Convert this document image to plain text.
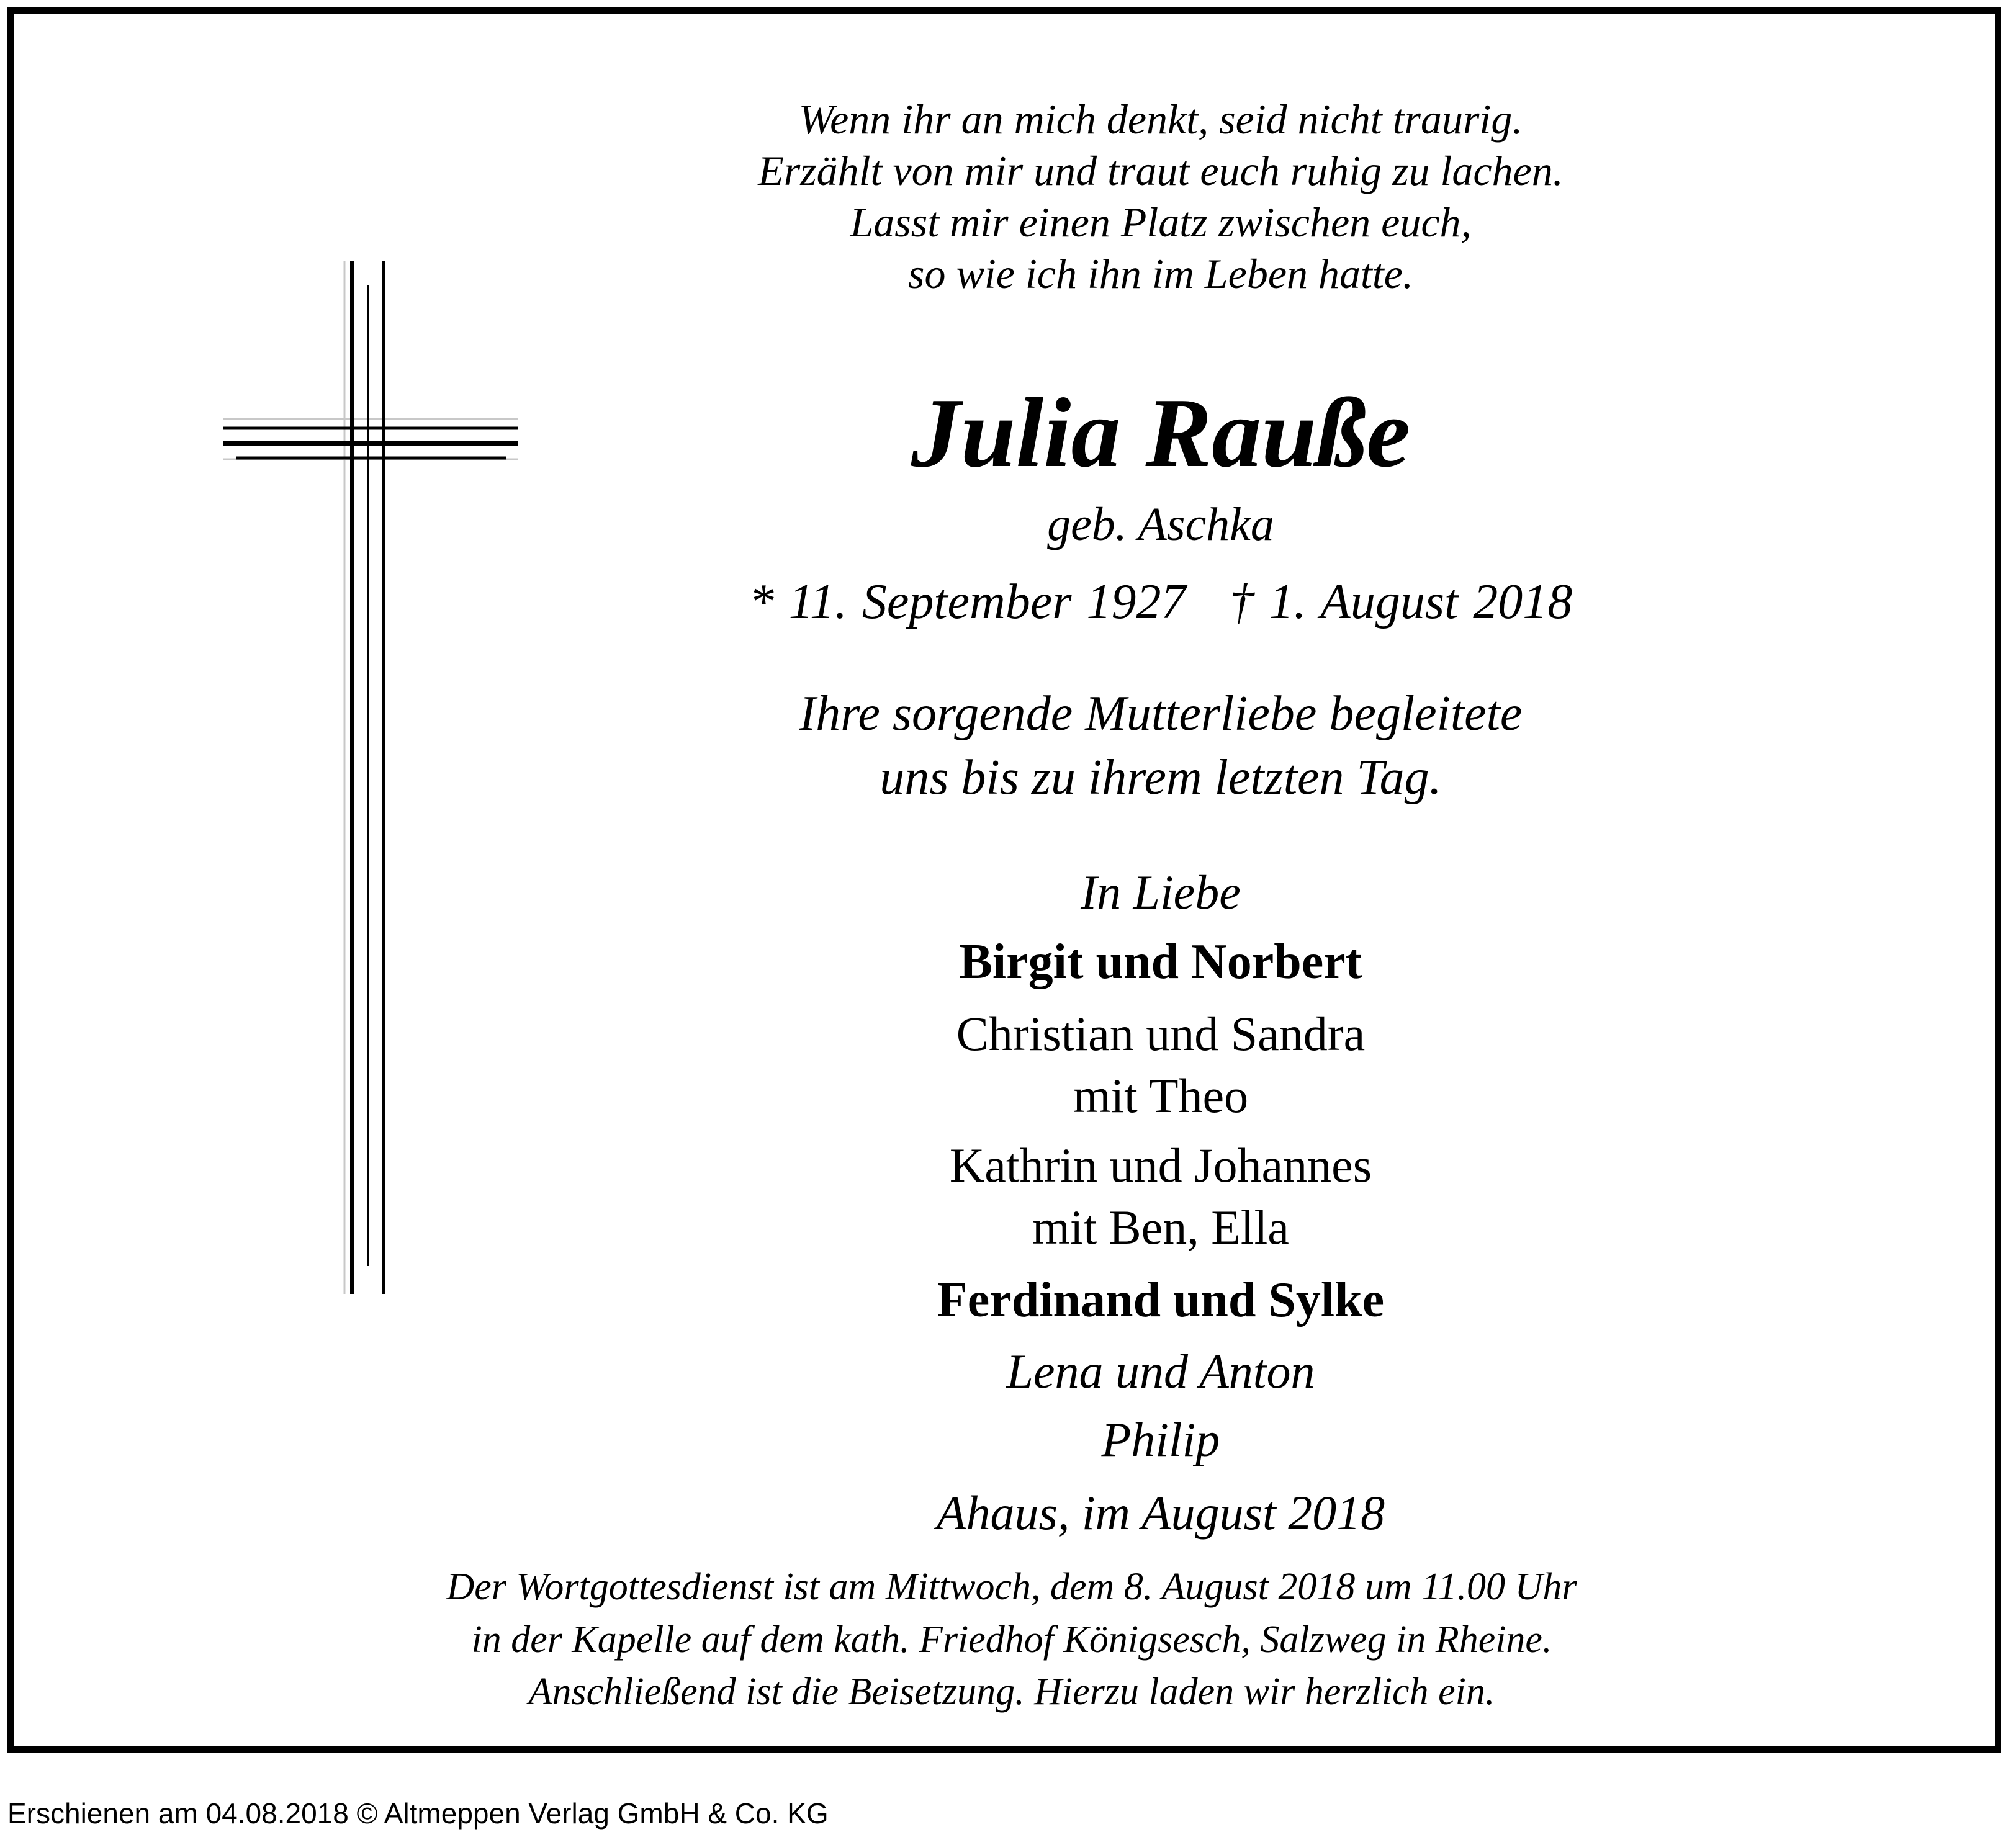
Wenn ihr an mich denkt, seid nicht traurig.
Erzählt von mir und traut euch ruhig zu lachen.
Lasst mir einen Platz zwischen euch,
so wie ich ihn im Leben hatte.
Julia Rauße
geb. Aschka
* 11. September 1927 † 1. August 2018
Ihre sorgende Mutterliebe begleitete
uns bis zu ihrem letzten Tag.
In Liebe
Birgit und Norbert
Christian und Sandra
mit Theo
Kathrin und Johannes
mit Ben, Ella
Ferdinand und Sylke
Lena und Anton
Philip
Ahaus, im August 2018
Der Wortgottesdienst ist am Mittwoch, dem 8. August 2018 um 11.00 Uhr
in der Kapelle auf dem kath. Friedhof Königsesch, Salzweg in Rheine.
Anschließend ist die Beisetzung. Hierzu laden wir herzlich ein.
Erschienen am 04.08.2018 © Altmeppen Verlag GmbH & Co. KG
